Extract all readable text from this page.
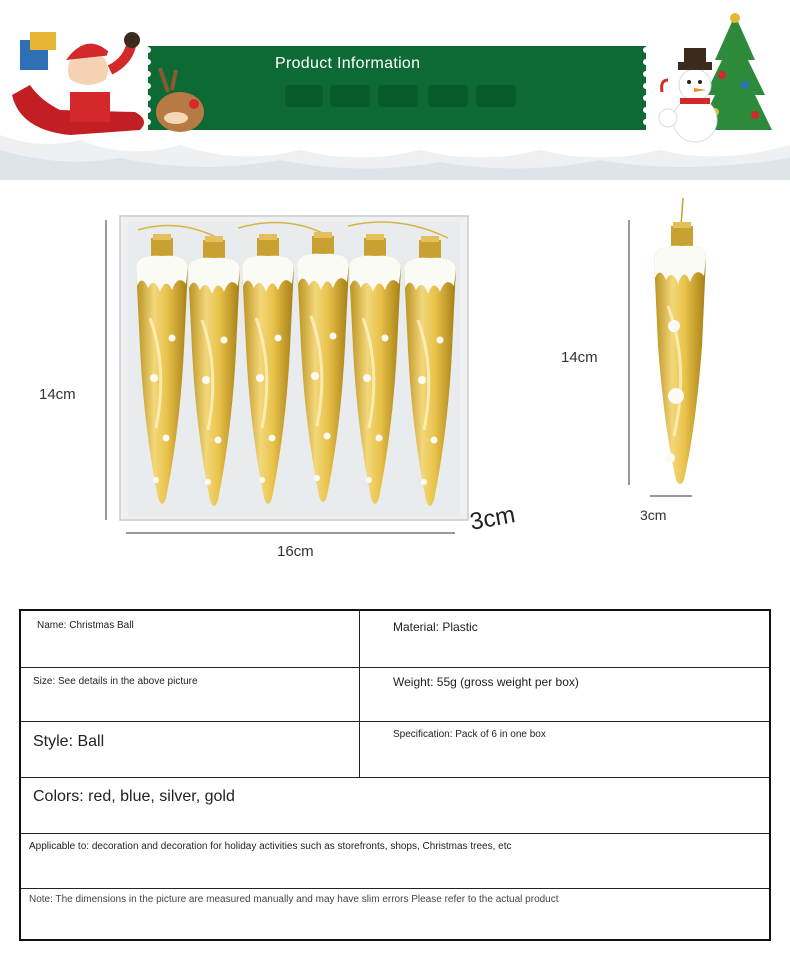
Product Information
14cm
16cm
3cm
14cm
3cm
Name: Christmas Ball	Material: Plastic
Size: See details in the above picture	Weight: 55g (gross weight per box)
Style: Ball	Specification: Pack of 6 in one box
Colors: red, blue, silver, gold
Applicable to: decoration and decoration for holiday activities such as storefronts, shops, Christmas trees, etc
Note: The dimensions in the picture are measured manually and may have slim errors Please refer to the actual product
